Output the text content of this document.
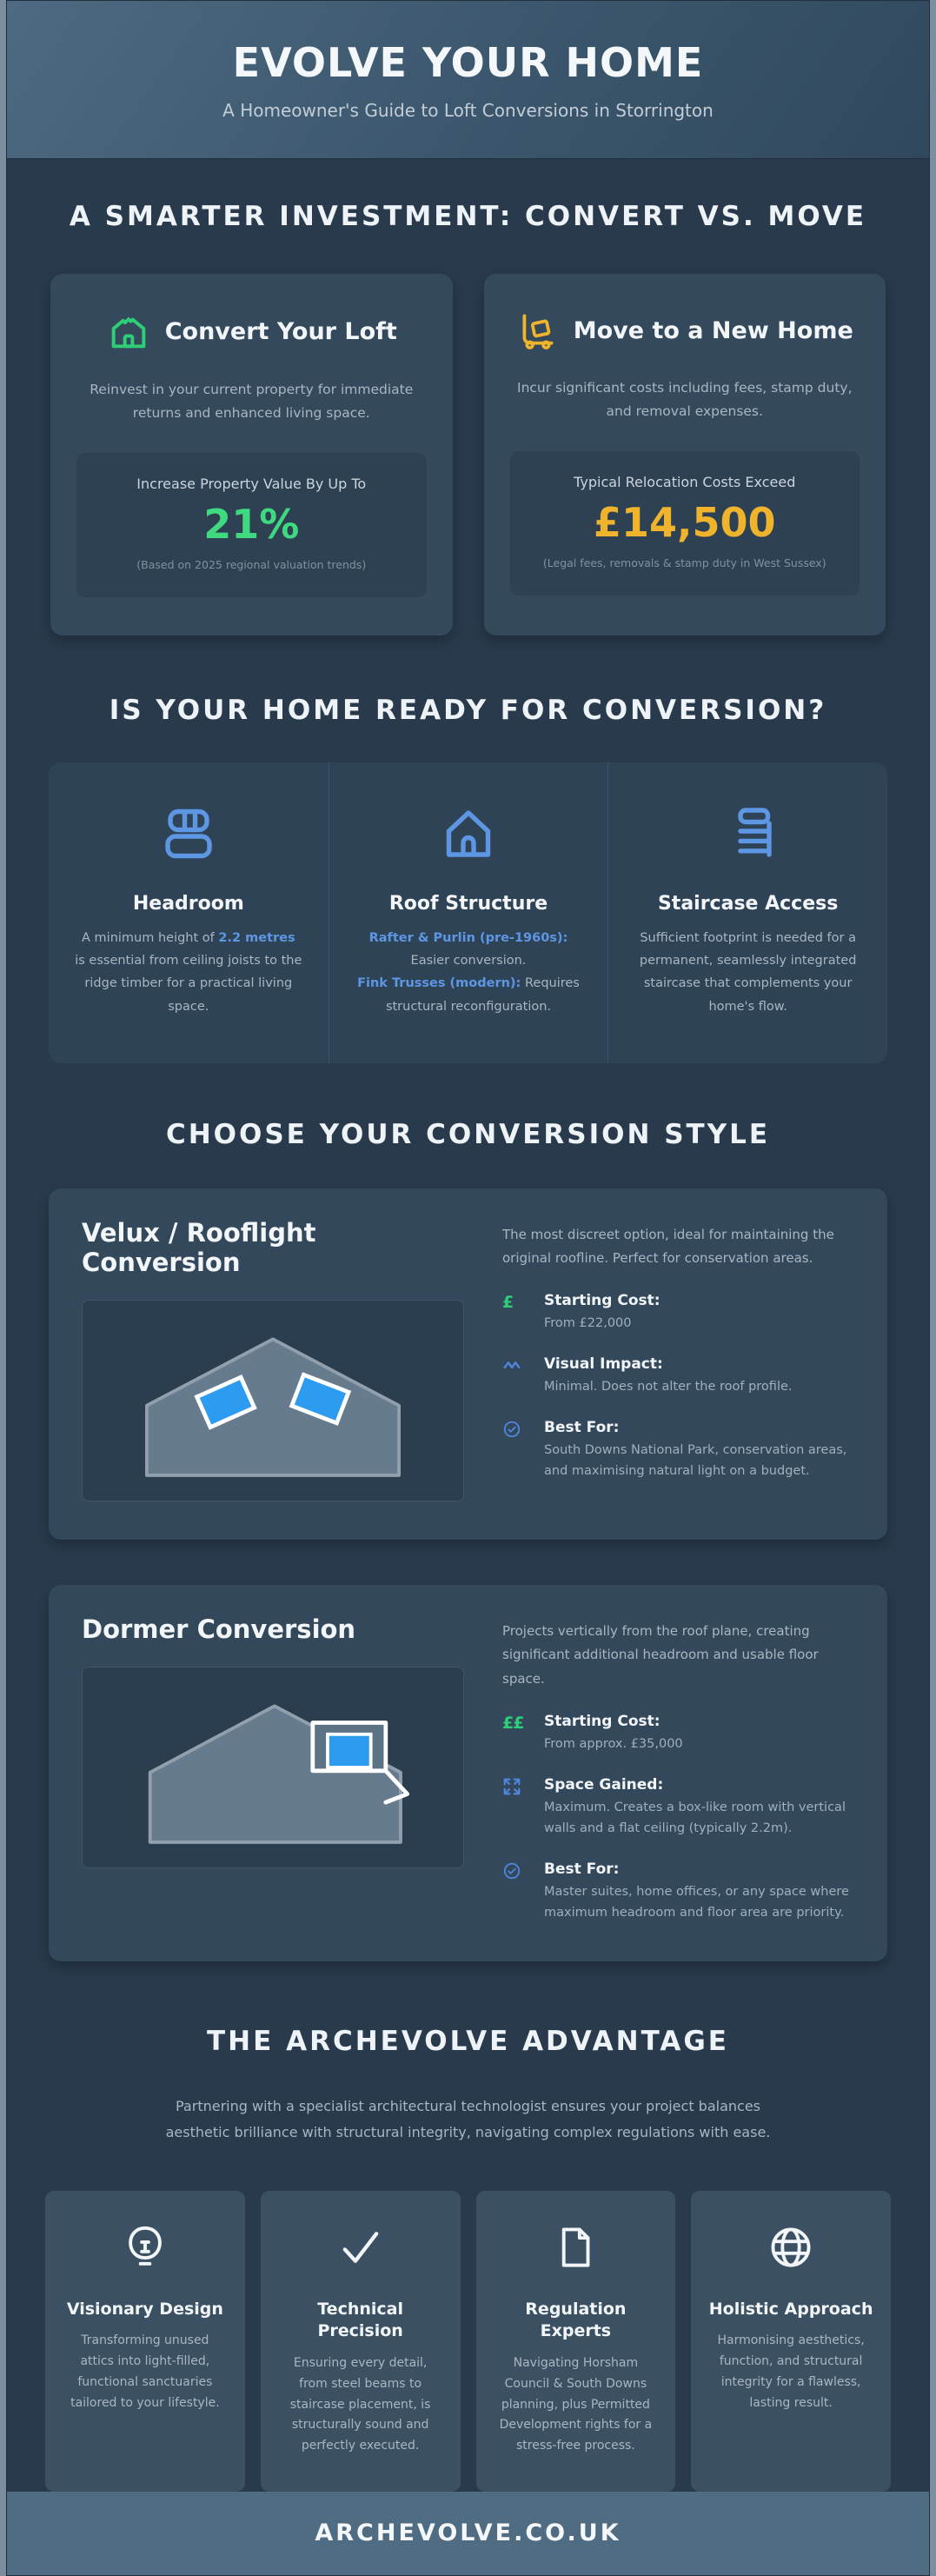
EVOLVE YOUR HOME

A Homeowner's Guide to Loft Conversions in Storrington

A SMARTER INVESTMENT: CONVERT VS. MOVE
Convert Your Loft

Reinvest in your current property for immediate returns and enhanced living space.

Increase Property Value By Up To
21%
(Based on 2025 regional valuation trends)
Move to a New Home

Incur significant costs including fees, stamp duty, and removal expenses.

Typical Relocation Costs Exceed
£14,500
(Legal fees, removals & stamp duty in West Sussex)
IS YOUR HOME READY FOR CONVERSION?
Headroom

A minimum height of 2.2 metres is essential from ceiling joists to the ridge timber for a practical living space.

Roof Structure

Rafter & Purlin (pre-1960s):
Easier conversion.
Fink Trusses (modern): Requires structural reconfiguration.

Staircase Access

Sufficient footprint is needed for a permanent, seamlessly integrated staircase that complements your home's flow.

CHOOSE YOUR CONVERSION STYLE
Velux / Rooflight Conversion

The most discreet option, ideal for maintaining the original roofline. Perfect for conservation areas.

£	Starting Cost:
From £22,000
Visual Impact:
Minimal. Does not alter the roof profile.
Best For:
South Downs National Park, conservation areas, and maximising natural light on a budget.
Dormer Conversion	Projects vertically from the roof plane, creating significant additional headroom and usable floor space.

££	Starting Cost:
From approx. £35,000
Space Gained:
Maximum. Creates a box-like room with vertical walls and a flat ceiling (typically 2.2m).
Best For:
Master suites, home offices, or any space where maximum headroom and floor area are priority.
THE ARCHEVOLVE ADVANTAGE

Partnering with a specialist architectural technologist ensures your project balances aesthetic brilliance with structural integrity, navigating complex regulations with ease.

Visionary Design

Transforming unused attics into light-filled, functional sanctuaries tailored to your lifestyle.

Technical Precision

Ensuring every detail, from steel beams to staircase placement, is structurally sound and perfectly executed.

Regulation Experts

Navigating Horsham Council & South Downs planning, plus Permitted Development rights for a stress-free process.

Holistic Approach

Harmonising aesthetics, function, and structural integrity for a flawless, lasting result.

ARCHEVOLVE.CO.UK
